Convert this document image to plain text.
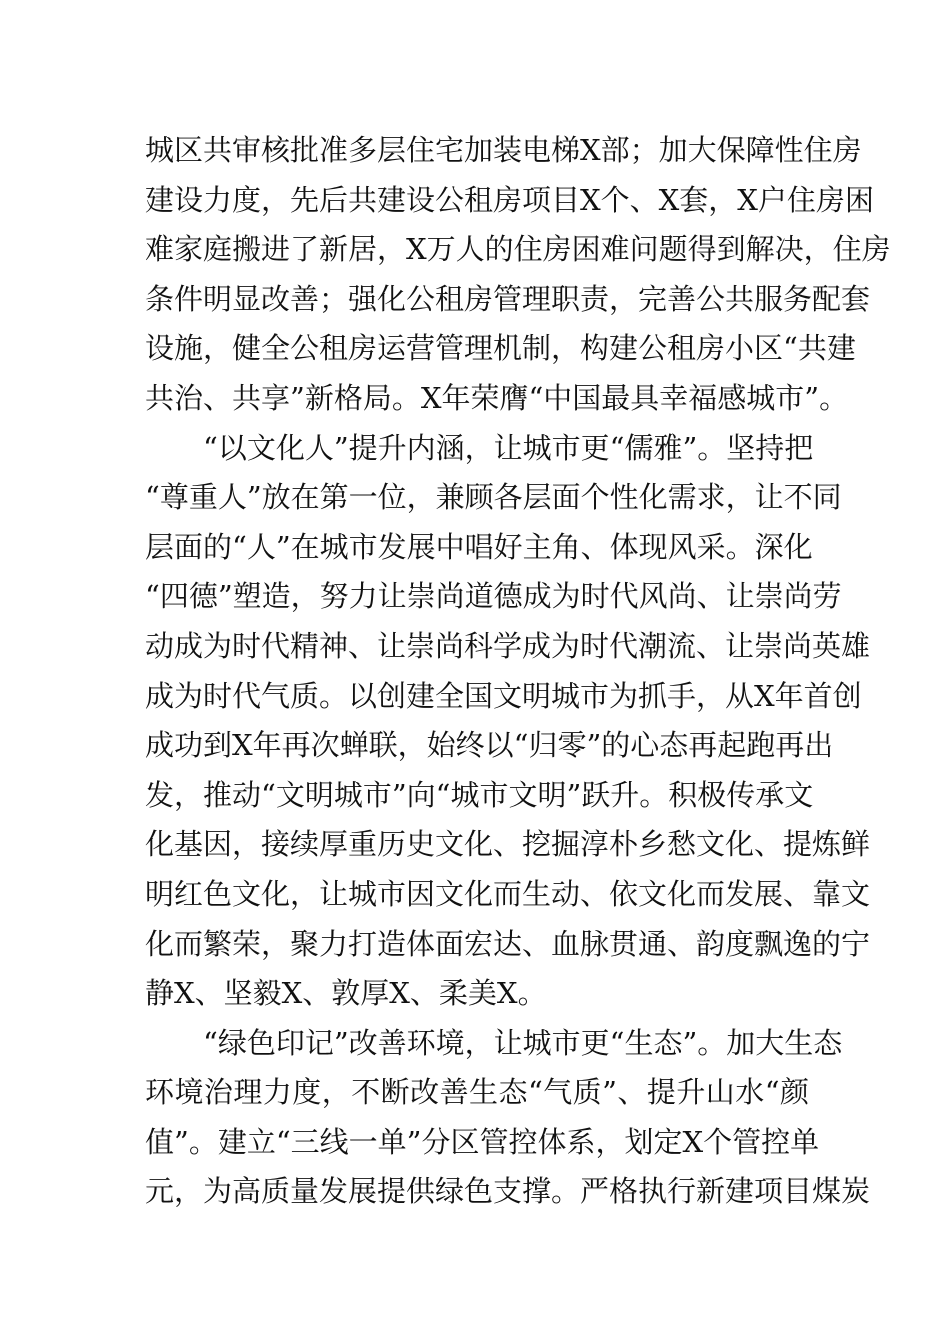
城区共审核批准多层住宅加装电梯X部；加大保障性住房
建设力度，先后共建设公租房项目X个、X套，X户住房困
难家庭搬进了新居，X万人的住房困难问题得到解决，住房
条件明显改善；强化公租房管理职责，完善公共服务配套
设施，健全公租房运营管理机制，构建公租房小区“共建
共治、共享”新格局。X年荣膺“中国最具幸福感城市”。
“以文化人”提升内涵，让城市更“儒雅”。坚持把
“尊重人”放在第一位，兼顾各层面个性化需求，让不同
层面的“人”在城市发展中唱好主角、体现风采。深化
“四德”塑造，努力让崇尚道德成为时代风尚、让崇尚劳
动成为时代精神、让崇尚科学成为时代潮流、让崇尚英雄
成为时代气质。以创建全国文明城市为抓手，从X年首创
成功到X年再次蝉联，始终以“归零”的心态再起跑再出
发，推动“文明城市”向“城市文明”跃升。积极传承文
化基因，接续厚重历史文化、挖掘淳朴乡愁文化、提炼鲜
明红色文化，让城市因文化而生动、依文化而发展、靠文
化而繁荣，聚力打造体面宏达、血脉贯通、韵度飘逸的宁
静X、坚毅X、敦厚X、柔美X。
“绿色印记”改善环境，让城市更“生态”。加大生态
环境治理力度，不断改善生态“气质”、提升山水“颜
值”。建立“三线一单”分区管控体系，划定X个管控单
元，为高质量发展提供绿色支撑。严格执行新建项目煤炭
